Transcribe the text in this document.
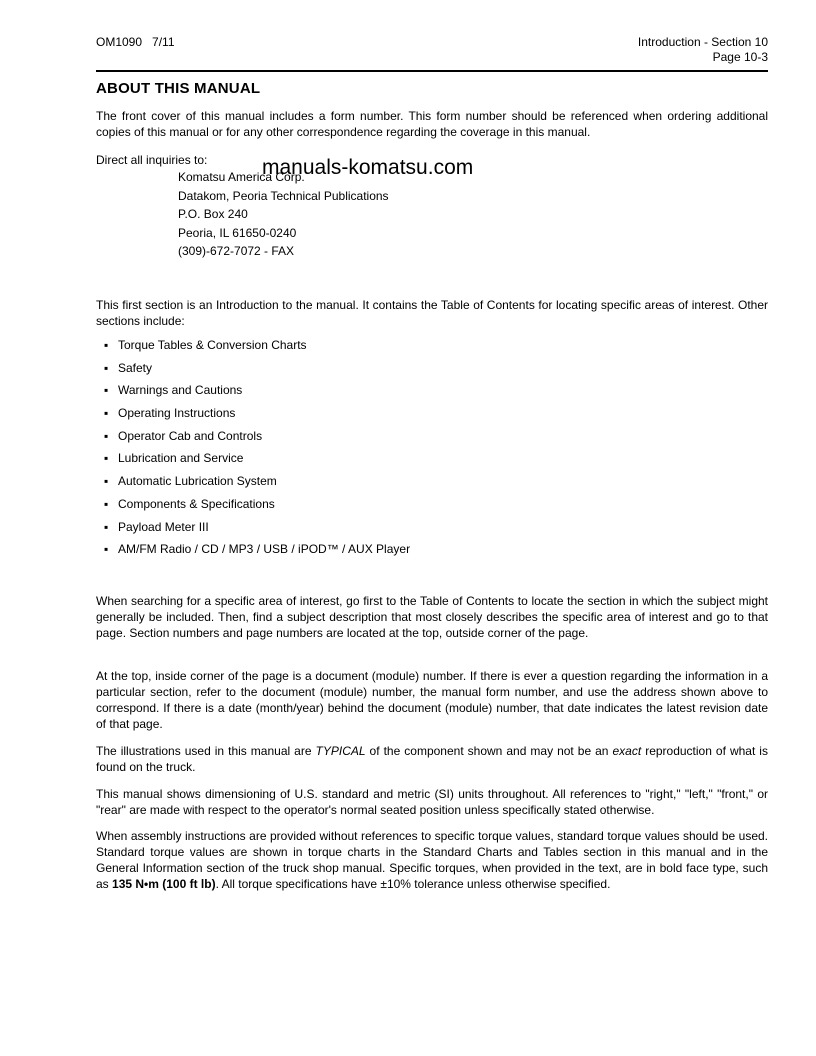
OM1090   7/11	Introduction - Section 10
Page 10-3
ABOUT THIS MANUAL
The front cover of this manual includes a form number. This form number should be referenced when ordering additional copies of this manual or for any other correspondence regarding the coverage in this manual.
Direct all inquiries to:
Komatsu America Corp.
Datakom, Peoria Technical Publications
P.O. Box 240
Peoria, IL 61650-0240
(309)-672-7072 - FAX
manuals-komatsu.com
This first section is an Introduction to the manual. It contains the Table of Contents for locating specific areas of interest. Other sections include:
▪ Torque Tables & Conversion Charts
▪ Safety
▪ Warnings and Cautions
▪ Operating Instructions
▪ Operator Cab and Controls
▪ Lubrication and Service
▪ Automatic Lubrication System
▪ Components & Specifications
▪ Payload Meter III
▪ AM/FM Radio / CD / MP3 / USB / iPOD™ / AUX Player
When searching for a specific area of interest, go first to the Table of Contents to locate the section in which the subject might generally be included. Then, find a subject description that most closely describes the specific area of interest and go to that page. Section numbers and page numbers are located at the top, outside corner of the page.
At the top, inside corner of the page is a document (module) number. If there is ever a question regarding the information in a particular section, refer to the document (module) number, the manual form number, and use the address shown above to correspond. If there is a date (month/year) behind the document (module) number, that date indicates the latest revision date of that page.
The illustrations used in this manual are TYPICAL of the component shown and may not be an exact reproduction of what is found on the truck.
This manual shows dimensioning of U.S. standard and metric (SI) units throughout. All references to "right," "left," "front," or "rear" are made with respect to the operator's normal seated position unless specifically stated otherwise.
When assembly instructions are provided without references to specific torque values, standard torque values should be used. Standard torque values are shown in torque charts in the Standard Charts and Tables section in this manual and in the General Information section of the truck shop manual. Specific torques, when provided in the text, are in bold face type, such as 135 N•m (100 ft lb). All torque specifications have ±10% tolerance unless otherwise specified.
